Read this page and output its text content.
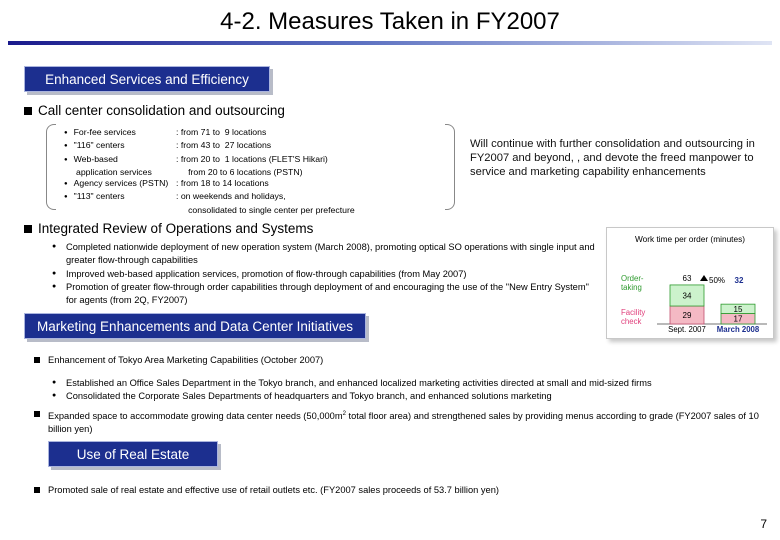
4-2. Measures Taken in FY2007
Enhanced Services and Efficiency
Call center consolidation and outsourcing
● For-fee services	: from 71 to  9 locations
● "116" centers	: from 43 to  27 locations
● Web-based	: from 20 to  1 locations (FLET'S Hikari)
application services	from 20 to 6 locations (PSTN)
● Agency services (PSTN) : from 18 to 14 locations
● "113" centers	: on weekends and holidays,
consolidated to single center per prefecture
Will continue with further consolidation and outsourcing in FY2007 and beyond, , and devote the freed manpower to service and marketing capability enhancements
Integrated Review of Operations and Systems
● Completed nationwide deployment of new operation system (March 2008), promoting optical SO operations with single input and greater flow-through capabilities
● Improved web-based application services, promotion of flow-through capabilities (from May 2007)
● Promotion of greater flow-through order capabilities through deployment of and encouraging the use of the "New Entry System" for agents (from 2Q, FY2007)
Work time per order (minutes)
29
34
Sept. 2007
17
15
March 2008
63	32
50%
Order-
taking
Facility
check
Marketing Enhancements and Data Center Initiatives
Enhancement of Tokyo Area Marketing Capabilities (October 2007)
● Established an Office Sales Department in the Tokyo branch, and enhanced localized marketing activities directed at small and mid-sized firms
● Consolidated the Corporate Sales Departments of headquarters and Tokyo branch, and enhanced solutions marketing
Expanded space to accommodate growing data center needs ($50,000m^2$ total floor area) and strengthened sales by providing menus according to grade (FY2007 sales of 10 billion yen)
Use of Real Estate
Promoted sale of real estate and effective use of retail outlets etc. (FY2007 sales proceeds of 53.7 billion yen)
7
